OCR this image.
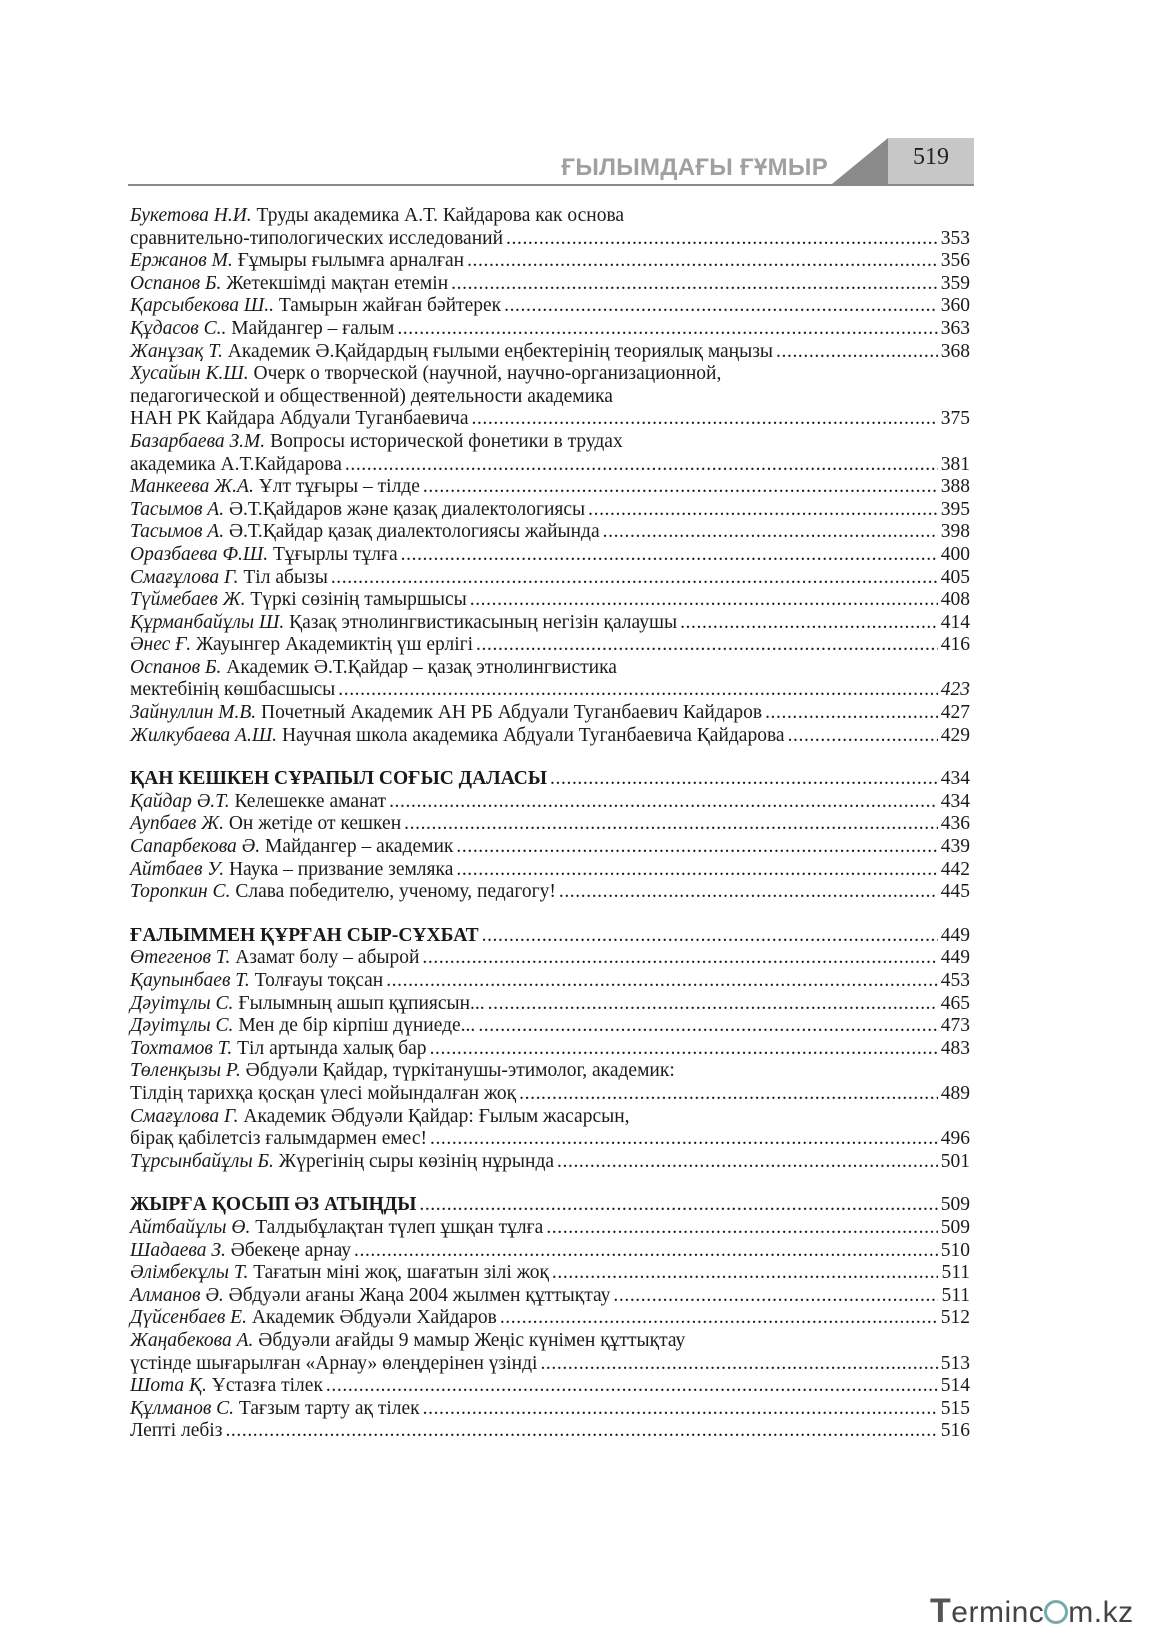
ҒЫЛЫМДАҒЫ ҒҰМЫР	519
Букетова Н.И. Труды академика А.Т. Кайдарова как основа
сравнительно-типологических исследований .....	353
Ержанов М. Ғұмыры ғылымға арналған .....	356
Оспанов Б. Жетекшімді мақтан етемін .....	359
Қарсыбекова Ш.. Тамырын жайған бәйтерек .....	360
Құдасов С.. Майдангер – ғалым .....	363
Жанұзақ Т. Академик Ә.Қайдардың ғылыми еңбектерінің теориялық маңызы .....	368
Хусайын К.Ш. Очерк о творческой (научной, научно-организационной,
педагогической и общественной) деятельности академика
НАН РК Кайдара Абдуали Туганбаевича .....	375
Базарбаева З.М. Вопросы исторической фонетики в трудах
академика А.Т.Кайдарова .....	381
Манкеева Ж.А. Ұлт тұғыры – тілде .....	388
Тасымов А. Ә.Т.Қайдаров және қазақ диалектологиясы .....	395
Тасымов А. Ә.Т.Қайдар қазақ диалектологиясы жайында .....	398
Оразбаева Ф.Ш. Тұғырлы тұлға .....	400
Смағұлова Г. Тіл абызы .....	405
Түймебаев Ж. Түркі сөзінің тамыршысы .....	408
Құрманбайұлы Ш. Қазақ этнолингвистикасының негізін қалаушы .....	414
Әнес Ғ. Жауынгер Академиктің үш ерлігі .....	416
Оспанов Б. Академик Ә.Т.Қайдар – қазақ этнолингвистика
мектебінің көшбасшысы .....	423
Зайнуллин М.В. Почетный Академик АН РБ Абдуали Туганбаевич Кайдаров .....	427
Жилкубаева А.Ш. Научная школа академика Абдуали Туганбаевича Қайдарова .....	429
ҚАН КЕШКЕН СҰРАПЫЛ СОҒЫС ДАЛАСЫ .....	434
Қайдар Ә.Т. Келешекке аманат .....	434
Аупбаев Ж. Он жетіде от кешкен .....	436
Сапарбекова Ә. Майдангер – академик .....	439
Айтбаев У. Наука – призвание земляка .....	442
Торопкин С. Слава победителю, ученому, педагогу! .....	445
ҒАЛЫММЕН ҚҰРҒАН СЫР-СҰХБАТ .....	449
Өтегенов Т. Азамат болу – абырой .....	449
Қаупынбаев Т. Толғауы тоқсан .....	453
Дәуітұлы С. Ғылымның ашып құпиясын... .....	465
Дәуітұлы С. Мен де бір кірпіш дүниеде... .....	473
Тохтамов Т. Тіл артында халық бар .....	483
Төленқызы Р. Әбдуәли Қайдар, түркітанушы-этимолог, академик:
Тілдің тарихқа қосқан үлесі мойындалған жоқ .....	489
Смағұлова Г. Академик Әбдуәли Қайдар: Ғылым жасарсын,
бірақ қабілетсіз ғалымдармен емес! .....	496
Тұрсынбайұлы Б. Жүрегінің сыры көзінің нұрында .....	501
ЖЫРҒА ҚОСЫП ӘЗ АТЫҢДЫ .....	509
Айтбайұлы Ө. Талдыбұлақтан түлеп ұшқан тұлға .....	509
Шадаева З. Әбекеңе арнау .....	510
Әлімбекұлы Т. Тағатын міні жоқ, шағатын зілі жоқ .....	511
Алманов Ә. Әбдуәли ағаны Жаңа 2004 жылмен құттықтау .....	511
Дүйсенбаев Е. Академик Әбдуәли Хайдаров .....	512
Жаңабекова А. Әбдуәли ағайды 9 мамыр Жеңіс күнімен құттықтау
үстінде шығарылған «Арнау» өлеңдерінен үзінді .....	513
Шота Қ. Ұстазға тілек .....	514
Құлманов С. Тағзым тарту ақ тілек .....	515
Лепті лебіз .....	516
Terminc m.kz
